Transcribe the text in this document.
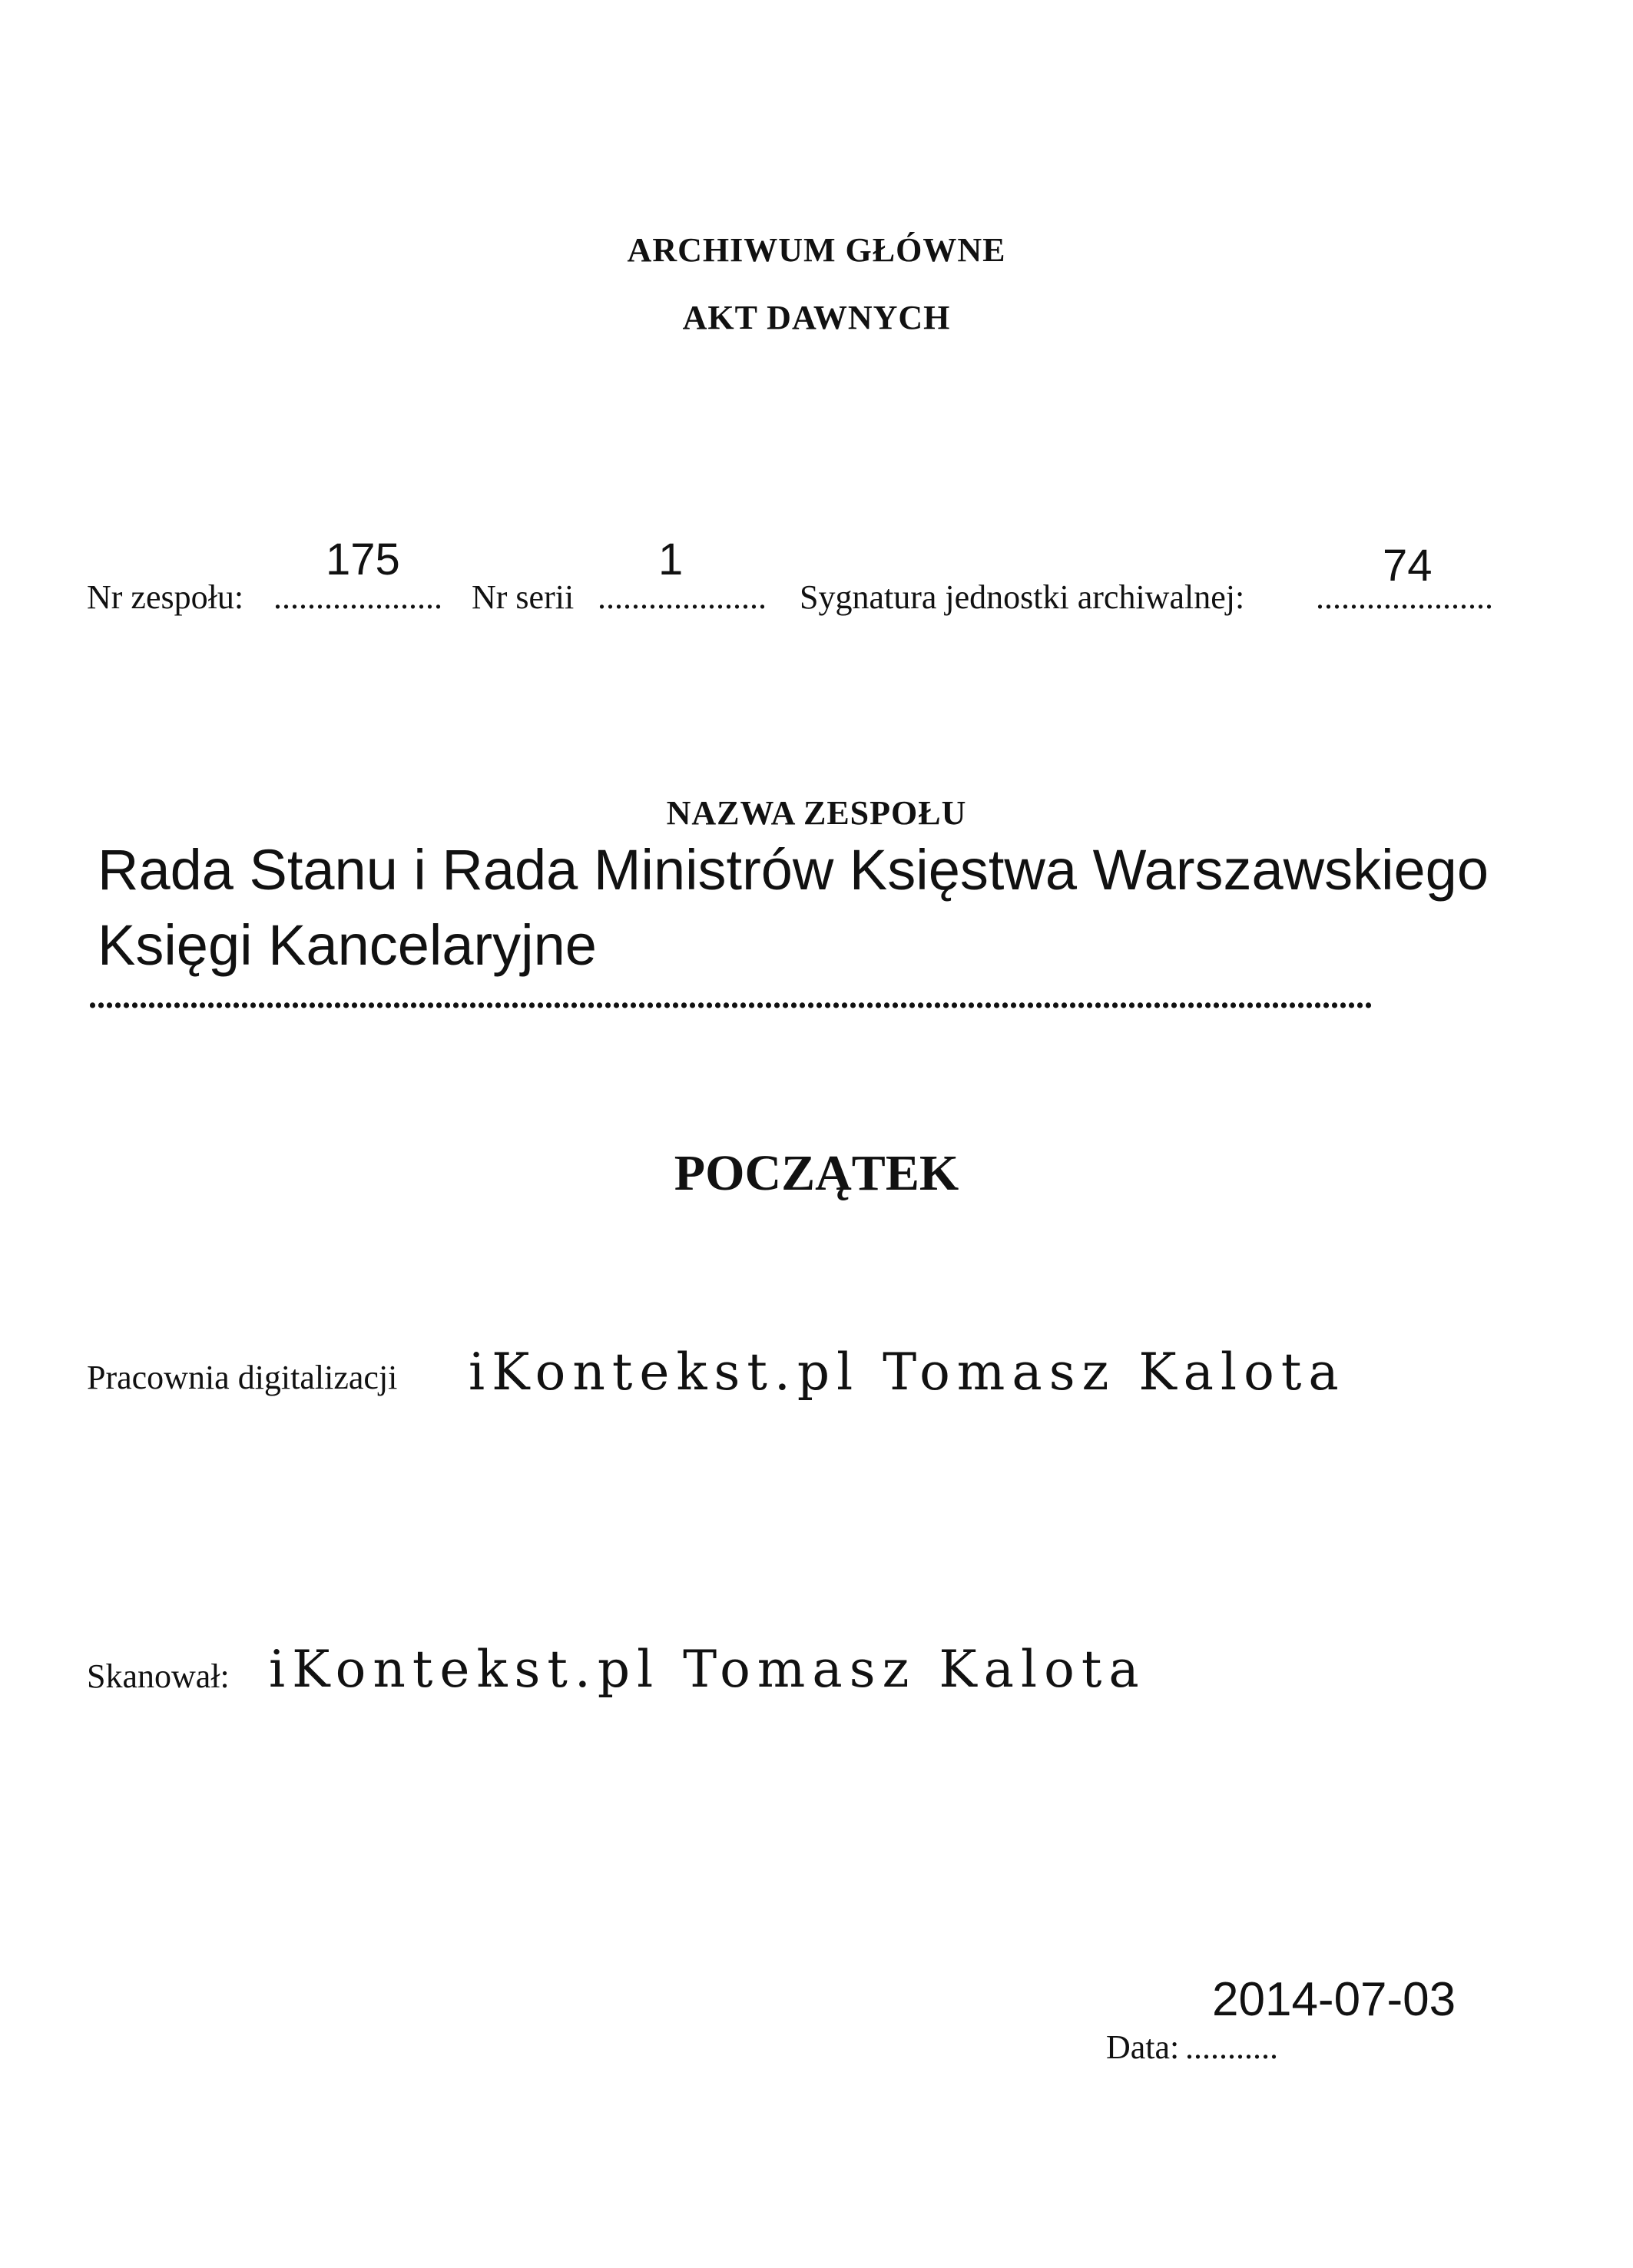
ARCHIWUM GŁÓWNE
AKT DAWNYCH
Nr zespołu: ....................
175
Nr serii ....................
1
Sygnatura jednostki archiwalnej: .....................
74
NAZWA ZESPOŁU
Rada Stanu i Rada Ministrów Księstwa Warszawskiego
Księgi Kancelaryjne
........................................................................................................................................................
POCZĄTEK
Pracownia digitalizacji iKontekst.pl Tomasz Kalota
Skanował: iKontekst.pl Tomasz Kalota
Data: ...........
2014-07-03
